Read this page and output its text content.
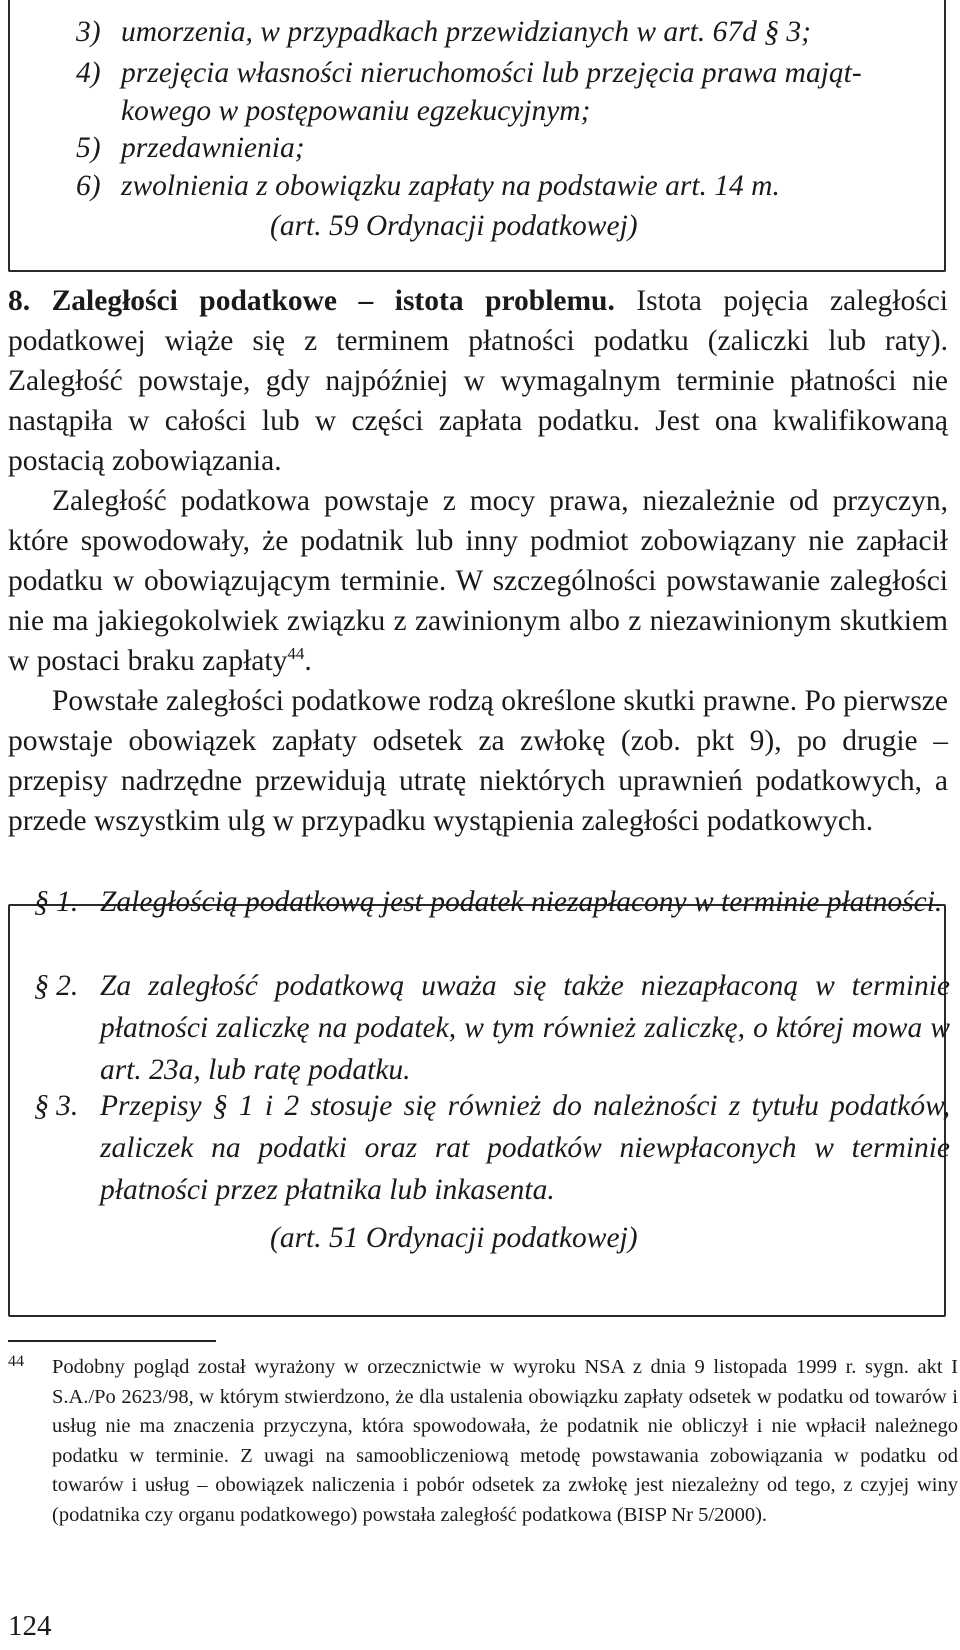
3) umorzenia, w przypadkach przewidzianych w art. 67d § 3;
4) przejęcia własności nieruchomości lub przejęcia prawa mająt-
kowego w postępowaniu egzekucyjnym;
5) przedawnienia;
6) zwolnienia z obowiązku zapłaty na podstawie art. 14 m.
(art. 59 Ordynacji podatkowej)

8. Zaległości podatkowe – istota problemu. Istota pojęcia zaległości podatkowej wiąże się z terminem płatności podatku (zaliczki lub raty). Zaległość powstaje, gdy najpóźniej w wymagalnym terminie płatności nie nastąpiła w całości lub w części zapłata podatku. Jest ona kwalifikowaną postacią zobowiązania.

Zaległość podatkowa powstaje z mocy prawa, niezależnie od przyczyn, które spowodowały, że podatnik lub inny podmiot zobowiązany nie zapłacił podatku w obowiązującym terminie. W szczególności powstawanie zaległości nie ma jakiegokolwiek związku z zawinionym albo z niezawinionym skutkiem w postaci braku zapłaty$^{44}$.

Powstałe zaległości podatkowe rodzą określone skutki prawne. Po pierwsze powstaje obowiązek zapłaty odsetek za zwłokę (zob. pkt 9), po drugie – przepisy nadrzędne przewidują utratę niektórych uprawnień podatkowych, a przede wszystkim ulg w przypadku wystąpienia zaległości podatkowych.

§ 1. Zaległością podatkową jest podatek niezapłacony w terminie płatności.
§ 2. Za zaległość podatkową uważa się także niezapłaconą w terminie płatności zaliczkę na podatek, w tym również zaliczkę, o której mowa w art. 23a, lub ratę podatku.
§ 3. Przepisy § 1 i 2 stosuje się również do należności z tytułu podatków, zaliczek na podatki oraz rat podatków niewpłaconych w terminie płatności przez płatnika lub inkasenta.
(art. 51 Ordynacji podatkowej)
44 Podobny pogląd został wyrażony w orzecznictwie w wyroku NSA z dnia 9 listopada 1999 r. sygn. akt I S.A./Po 2623/98, w którym stwierdzono, że dla ustalenia obowiązku zapłaty odsetek w podatku od towarów i usług nie ma znaczenia przyczyna, która spowodowała, że podatnik nie obliczył i nie wpłacił należnego podatku w terminie. Z uwagi na samoobliczeniową metodę powstawania zobowiązania w podatku od towarów i usług – obowiązek naliczenia i pobór odsetek za zwłokę jest niezależny od tego, z czyjej winy (podatnika czy organu podatkowego) powstała zaległość podatkowa (BISP Nr 5/2000).
124
